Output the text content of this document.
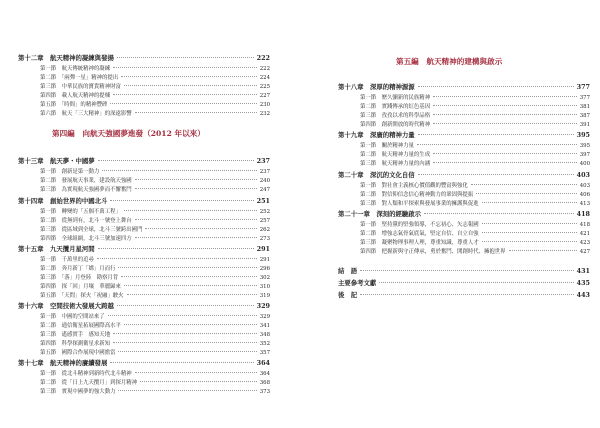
第十二章　航天精神的凝練與發揚	222
第一節　航天傳統精神的凝練	222
第二節　「兩彈一星」精神的提出	224
第三節　中華民族的寶貴精神財富	225
第四節　載人航天精神的提煉	227
第五節　「時間」的精神豐碑	230
第六節　航天「三大精神」的深遠影響	232
第四編　向航天強國夢進發（2012 年以來）
第十三章　航天夢・中國夢	237
第一節　創新是第一動力	237
第二節　發展航天事業，建設航天強國	240
第三節　為實現航天強國夢而不懈奮鬥	247
第十四章　創始世界的中國北斗	251
第一節　轉變的「五個不萬工程」	252
第二節　從無到有，北斗一號登上舞台	257
第三節　從區域到全球，北斗三號跨出國門	262
第四節　全球組網，北斗三號加速四方	273
第十五章　九天攬月星河間	291
第一節　千萬里的追尋	291
第二節　奔月新丁「嫦」月而行	296
第三節　「落」月登陸　勘察月背	302
第四節　探「回」月壤　華麗歸來	310
第五節　「天問」探火「祝融」駛火	319
第十六章　空間技術大發展大跨越	329
第一節　中國的空間站來了	329
第二節　通信衛星拓展國際高水平	341
第三節　遙感實手　感知天地	348
第四節　科學探測衛星求新知	352
第五節　國際合作展現中國擔當	357
第十七章　航天精神的賡續發展	364
第一節　從北斗精神到新時代北斗精神	364
第二節　從「日上九天攬月」到探月精神	368
第三節　實現中國夢的強大動力	373
第五編　航天精神的建構與啟示
第十八章　深厚的精神源源	377
第一節　歷久彌新的民族精神	377
第二節　實踐傳承的紅色基因	381
第三節　孜孜以求的科學品格	387
第四節　創新開放的時代精神	391
第十九章　深廣的精神力量	395
第一節　關於精神力量	395
第二節　航天精神力量的生成	397
第三節　航天精神力量的內涵	400
第二十章　深沉的文化自信	403
第一節　對社會主義核心價值觀的豐富與強化	403
第二節　對信仰信念信心精神動力的鞏固與提振	406
第三節　對人類和平探索與發展事業的擁護與促進	413
第二十一章　深刻的經驗啟示	418
第一節　堅持黨的堅強領導，不忘初心、矢志報國	418
第二節　增強志氣骨氣底氣，堅定自信、自立自強	421
第三節　凝聚物理事理人理，尊重知識、尊重人才	423
第四節　把握新與守正傳承，勇於奮鬥、開創時代、擁抱世界	427
結　語	431
主要參考文獻	435
後　記	443
